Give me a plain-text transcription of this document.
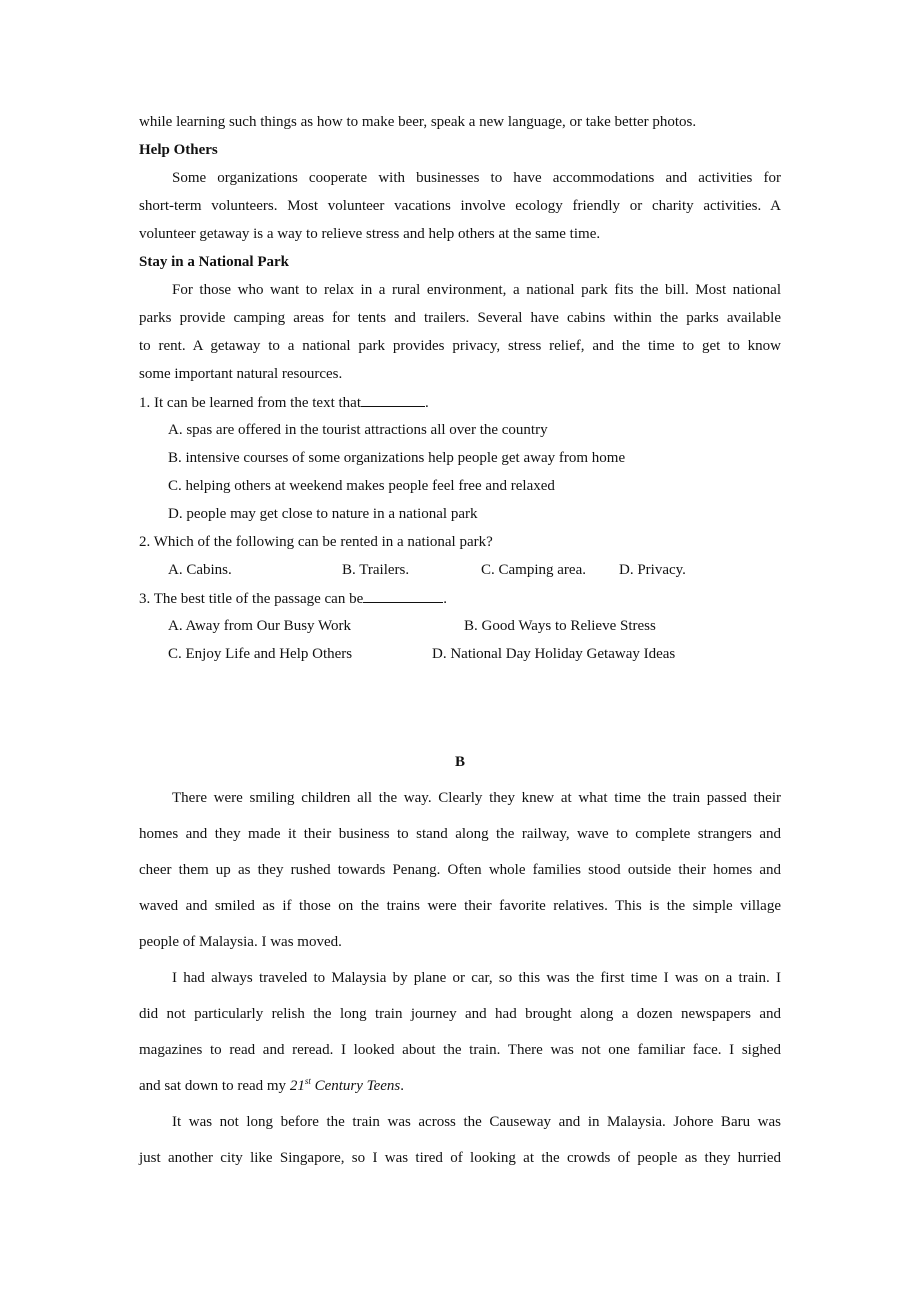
while learning such things as how to make beer, speak a new language, or take better photos.
Help Others
Some organizations cooperate with businesses to have accommodations and activities for
short-term volunteers. Most volunteer vacations involve ecology friendly or charity activities. A
volunteer getaway is a way to relieve stress and help others at the same time.
Stay in a National Park
For those who want to relax in a rural environment, a national park fits the bill. Most national
parks provide camping areas for tents and trailers. Several have cabins within the parks available
to rent. A getaway to a national park provides privacy, stress relief, and the time to get to know
some important natural resources.
1. It can be learned from the text that	.
A. spas are offered in the tourist attractions all over the country
B. intensive courses of some organizations help people get away from home
C. helping others at weekend makes people feel free and relaxed
D. people may get close to nature in a national park
2. Which of the following can be rented in a national park?
A. Cabins.	B. Trailers.	C. Camping area.	D. Privacy.
3. The best title of the passage can be	.
A. Away from Our Busy Work	B. Good Ways to Relieve Stress
C. Enjoy Life and Help Others	D. National Day Holiday Getaway Ideas
B
There were smiling children all the way. Clearly they knew at what time the train passed their
homes and they made it their business to stand along the railway, wave to complete strangers and
cheer them up as they rushed towards Penang. Often whole families stood outside their homes and
waved and smiled as if those on the trains were their favorite relatives. This is the simple village
people of Malaysia. I was moved.
I had always traveled to Malaysia by plane or car, so this was the first time I was on a train. I
did not particularly relish the long train journey and had brought along a dozen newspapers and
magazines to read and reread. I looked about the train. There was not one familiar face. I sighed
and sat down to read my 21st Century Teens.
It was not long before the train was across the Causeway and in Malaysia. Johore Baru was
just another city like Singapore, so I was tired of looking at the crowds of people as they hurried
